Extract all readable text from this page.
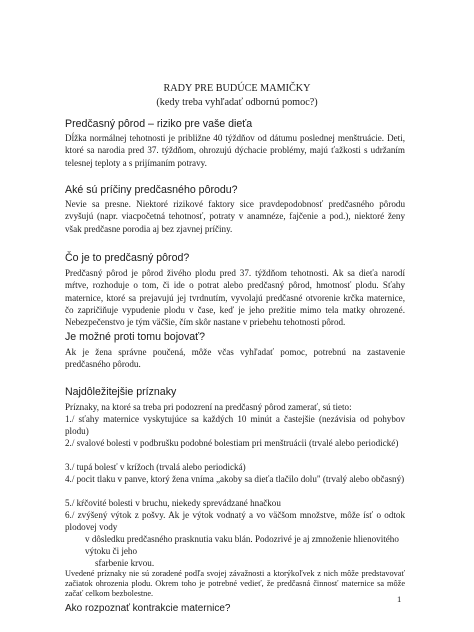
RADY PRE BUDÚCE MAMIČKY
(kedy treba vyhľadať odbornú pomoc?)
Predčasný pôrod – riziko pre vaše dieťa

Dĺžka normálnej tehotnosti je približne 40 týždňov od dátumu poslednej menštruácie. Deti, ktoré sa narodia pred 37. týždňom, ohrozujú dýchacie problémy, majú ťažkosti s udržaním telesnej teploty a s prijímaním potravy.

Aké sú príčiny predčasného pôrodu?

Nevie sa presne. Niektoré rizikové faktory sice pravdepodobnosť predčasného pôrodu zvyšujú (napr. viacpočetná tehotnosť, potraty v anamnéze, fajčenie a pod.), niektoré ženy však predčasne porodia aj bez zjavnej príčiny.

Čo je to predčasný pôrod?

Predčasný pôrod je pôrod živého plodu pred 37. týždňom tehotnosti. Ak sa dieťa narodí mŕtve, rozhoduje o tom, či ide o potrat alebo predčasný pôrod, hmotnosť plodu. Sťahy maternice, ktoré sa prejavujú jej tvrdnutím, vyvolajú predčasné otvorenie krčka maternice, čo zapričiňuje vypudenie plodu v čase, keď je jeho prežitie mimo tela matky ohrozené. Nebezpečenstvo je tým väčšie, čím skôr nastane v priebehu tehotnosti pôrod.

Je možné proti tomu bojovať?

Ak je žena správne poučená, môže včas vyhľadať pomoc, potrebnú na zastavenie predčasného pôrodu.

Najdôležitejšie príznaky

Príznaky, na ktoré sa treba pri podozrení na predčasný pôrod zamerať, sú tieto:

1./ sťahy maternice vyskytujúce sa každých 10 minút a častejšie (nezávisia od pohybov plodu)

2./ svalové bolesti v podbrušku podobné bolestiam pri menštruácii (trvalé alebo periodické)

3./ tupá bolesť v krížoch (trvalá alebo periodická)

4./ pocit tlaku v panve, ktorý žena vníma „akoby sa dieťa tlačilo dolu" (trvalý alebo občasný)

5./ kŕčovité bolesti v bruchu, niekedy sprevádzané hnačkou

6./ zvýšený výtok z pošvy. Ak je výtok vodnatý a vo väčšom množstve, môže ísť o odtok plodovej vody

v dôsledku predčasného prasknutia vaku blán. Podozrivé je aj zmnoženie hlienovitého výtoku či jeho

sfarbenie krvou.

Uvedené príznaky nie sú zoradené podľa svojej závažnosti a ktorýkoľvek z nich môže predstavovať začiatok ohrozenia plodu. Okrem toho je potrebné vedieť, že predčasná činnosť maternice sa môže začať celkom bezbolestne.

Ako rozpoznať kontrakcie maternice?
1
